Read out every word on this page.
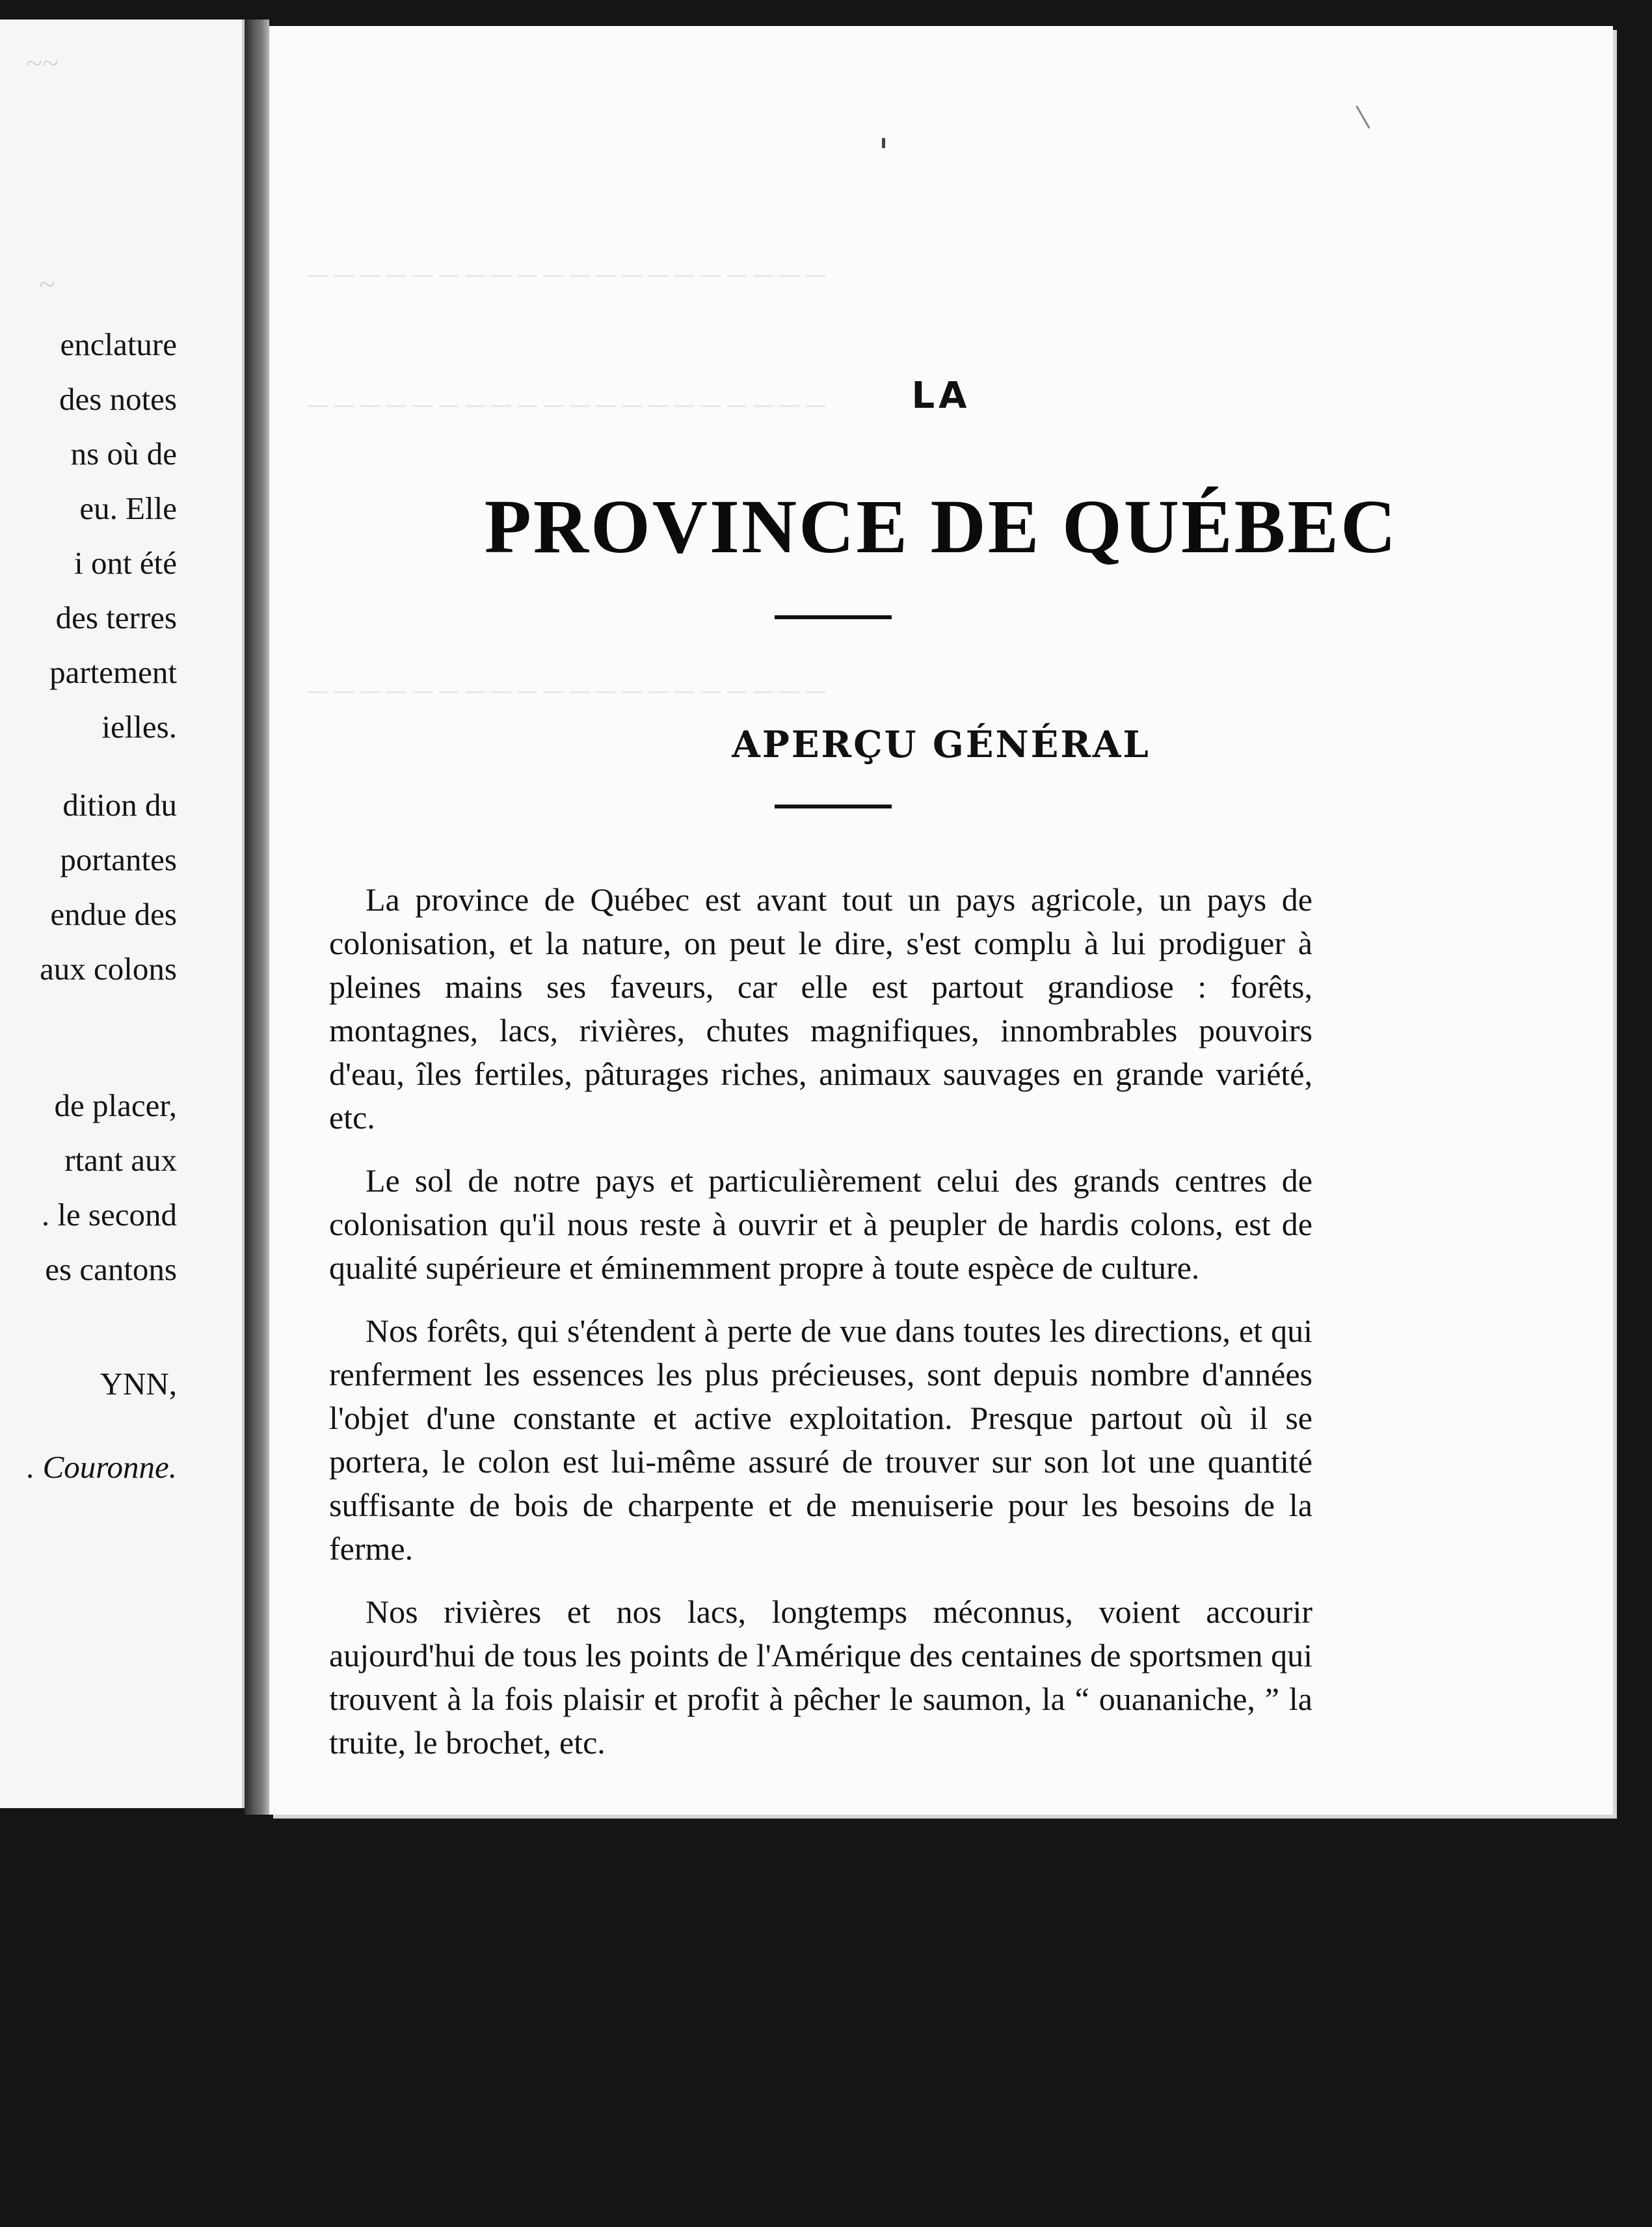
~~
~
enclature
des notes
ns où de
eu. Elle
i ont été
des terres
partement
ielles.
dition du
portantes
endue des
aux colons
de placer,
rtant aux
. le second
es cantons
YNN,
. Couronne.
─ ─ ─ ─ ─ ─ ─ ─ ─ ─ ─ ─ ─ ─ ─ ─ ─ ─ ─ ─
─ ─ ─ ─ ─ ─ ─ ─ ─ ─ ─ ─ ─ ─ ─ ─ ─ ─ ─ ─
─ ─ ─ ─ ─ ─ ─ ─ ─ ─ ─ ─ ─ ─ ─ ─ ─ ─ ─ ─
LA
PROVINCE DE QUÉBEC
APERÇU GÉNÉRAL

La province de Québec est avant tout un pays agricole, un pays de colonisation, et la nature, on peut le dire, s'est complu à lui prodiguer à pleines mains ses faveurs, car elle est partout grandiose : forêts, montagnes, lacs, rivières, chutes magnifiques, innombrables pouvoirs d'eau, îles fertiles, pâturages riches, animaux sauvages en grande variété, etc.

Le sol de notre pays et particulièrement celui des grands centres de colonisation qu'il nous reste à ouvrir et à peupler de hardis colons, est de qualité supérieure et éminemment propre à toute espèce de culture.

Nos forêts, qui s'étendent à perte de vue dans toutes les directions, et qui renferment les essences les plus précieuses, sont depuis nombre d'années l'objet d'une constante et active exploitation. Presque partout où il se portera, le colon est lui-même assuré de trouver sur son lot une quantité suffisante de bois de charpente et de menuiserie pour les besoins de la ferme.

Nos rivières et nos lacs, longtemps méconnus, voient accourir aujourd'hui de tous les points de l'Amérique des centaines de sportsmen qui trouvent à la fois plaisir et profit à pêcher le saumon, la “ ouananiche, ” la truite, le brochet, etc.
